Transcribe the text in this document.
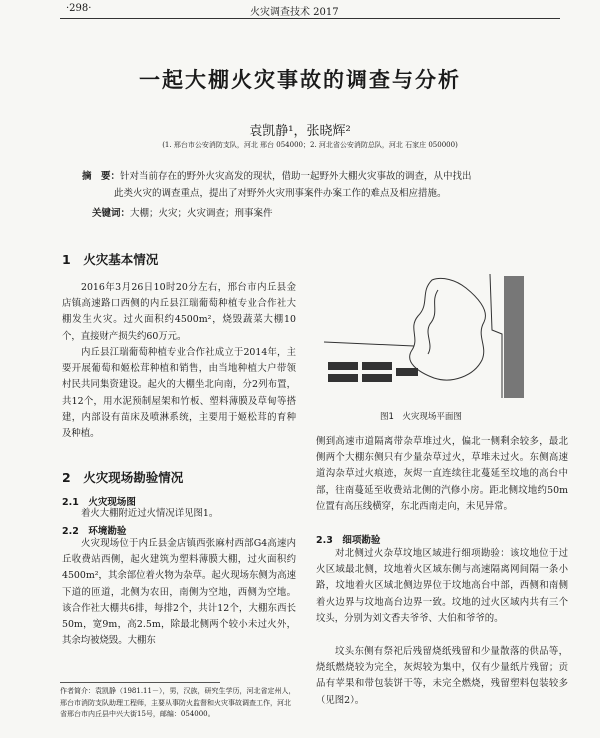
·298·	火灾调查技术 2017
一起大棚火灾事故的调查与分析
袁凯静¹，张晓辉²
(1. 邢台市公安消防支队，河北 邢台 054000；2. 河北省公安消防总队，河北 石家庄 050000)
摘　要：针对当前存在的野外火灾高发的现状，借助一起野外大棚火灾事故的调查，从中找出
此类火灾的调查重点，提出了对野外火灾刑事案件办案工作的难点及相应措施。
关键词：大棚；火灾；火灾调查；刑事案件
1　火灾基本情况
2016年3月26日10时20分左右，邢台市内丘县金店镇高速路口西侧的内丘县江瑞葡萄种植专业合作社大棚发生火灾。过火面积约4500m²，烧毁蔬菜大棚10个，直接财产损失约60万元。
内丘县江瑞葡萄种植专业合作社成立于2014年，主要开展葡萄和姬松茸种植和销售，由当地种植大户带领村民共同集资建设。起火的大棚坐北向南，分2列布置，共12个，用水泥预制屋架和竹板、塑料薄膜及草甸等搭建，内部设有苗床及喷淋系统，主要用于姬松茸的育种及种植。
2　火灾现场勘验情况
2.1　火灾现场图
着火大棚附近过火情况详见图1。
2.2　环境勘验
火灾现场位于内丘县金店镇西张麻村西部G4高速内丘收费站西侧，起火建筑为塑料薄膜大棚，过火面积约4500m²，其余部位着火物为杂草。起火现场东侧为高速下道的匝道，北侧为农田，南侧为空地，西侧为空地。该合作社大棚共6排，每排2个，共计12个，大棚东西长50m，宽9m，高2.5m，除最北侧两个较小未过火外，其余均被烧毁。大棚东
图1　火灾现场平面图
侧到高速市道隔离带杂草堆过火，偏北一侧剩余较多，最北侧两个大棚东侧只有少量杂草过火，草堆未过火。东侧高速道沟杂草过火痕迹，灰烬一直连续往北蔓延至坟地的高台中部，往南蔓延至收费站北侧的汽修小房。距北侧坟地约50m位置有高压线横穿，东北西南走向，未见异常。
2.3　细项勘验
对北侧过火杂草坟地区域进行细项勘验：该坟地位于过火区域最北侧，坟地着火区域东侧与高速隔离网间隔一条小路，坟地着火区域北侧边界位于坟地高台中部，西侧和南侧着火边界与坟地高台边界一致。坟地的过火区域内共有三个坟头，分别为刘文香夫爷爷、大伯和爷爷的。
坟头东侧有祭祀后残留烧纸残留和少量散落的供品等，烧纸燃烧较为完全，灰烬较为集中，仅有少量纸片残留；贡品有苹果和带包装饼干等，未完全燃烧，残留塑料包装较多（见图2）。
作者简介：袁凯静（1981.11－），男，汉族，研究生学历，河北省定州人，邢台市消防支队助理工程师，主要从事防火监督和火灾事故调查工作，河北省邢台市内丘县中兴大街15号，邮编：054000。
